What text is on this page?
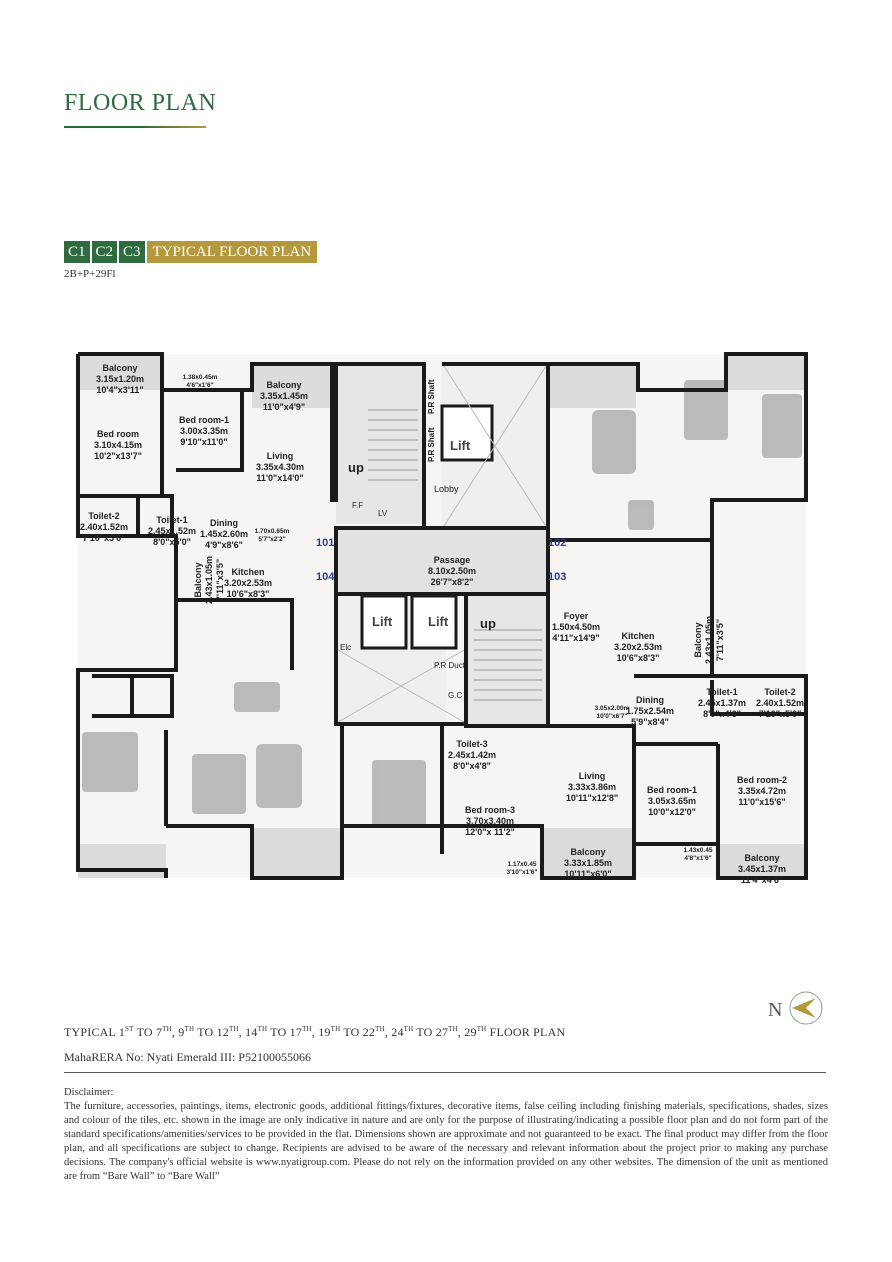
FLOOR PLAN
C1 C2 C3 TYPICAL FLOOR PLAN
2B+P+29Fl
Balcony 3.15x1.20m 10'4"x3'11"
1.38x0.45m 4'6"x1'6"	Balcony 3.35x1.45m 11'0"x4'9"
Bed room 3.10x4.15m 10'2"x13'7"
Bed room-1 3.00x3.35m 9'10"x11'0"
Living 3.35x4.30m 11'0"x14'0"
Toilet-2 2.40x1.52m 7'10"x5'0"
Toilet-1 2.45x1.52m 8'0"x5'0"
Dining 1.45x2.60m 4'9"x8'6"
1.70x0.65m 5'7"x2'2"
Balcony2.43x1.05m7'11"x3'5" Kitchen 3.20x2.53m 10'6"x8'3"
Passage 8.10x2.50m 26'7"x8'2"
Foyer 1.50x4.50m 4'11"x14'9"	Kitchen 3.20x2.53m 10'6"x8'3"
Balcony2.43x1.05m7'11"x3'5"
Toilet-1 2.45x1.37m 8'0"x4'6"
Toilet-2 2.40x1.52m 7'10"x5'0"
3.05x2.00m 10'0"x6'7"
Dining 1.75x2.54m 5'9"x8'4"
Toilet-3 2.45x1.42m 8'0"x4'8"
Living 3.33x3.86m 10'11"x12'8"
Bed room-1 3.05x3.65m 10'0"x12'0"
Bed room-2 3.35x4.72m 11'0"x15'6"
Bed room-3 3.70x3.40m 12'0"x 11'2"
1.17x0.45 3'10"x1'6"
Balcony 3.33x1.85m 10'11"x6'0"
1.43x0.45 4'8"x1'6"	Balcony 3.45x1.37m 11'4"x4'6"
P.R Shaft
P.R Shaft Lift
Lift	Lift
up
up
Lobby
F.F
LV
Elc
P.R Duct
G.C
101
104
102
103
N
TYPICAL 1ST TO 7TH, 9TH TO 12TH, 14TH TO 17TH, 19TH TO 22TH, 24TH TO 27TH, 29TH FLOOR PLAN
MahaRERA No: Nyati Emerald III: P52100055066
Disclaimer:
The furniture, accessories, paintings, items, electronic goods, additional fittings/fixtures, decorative items, false ceiling including finishing materials, specifications, shades, sizes and colour of the tiles, etc. shown in the image are only indicative in nature and are only for the purpose of illustrating/indicating a possible floor plan and do not form part of the standard specifications/amenities/services to be provided in the flat. Dimensions shown are approximate and not guaranteed to be exact. The final product may differ from the floor plan, and all specifications are subject to change. Recipients are advised to be aware of the necessary and relevant information about the project prior to making any purchase decisions. The company's official website is www.nyatigroup.com. Please do not rely on the information provided on any other websites. The dimension of the unit as mentioned are from “Bare Wall” to “Bare Wall”
